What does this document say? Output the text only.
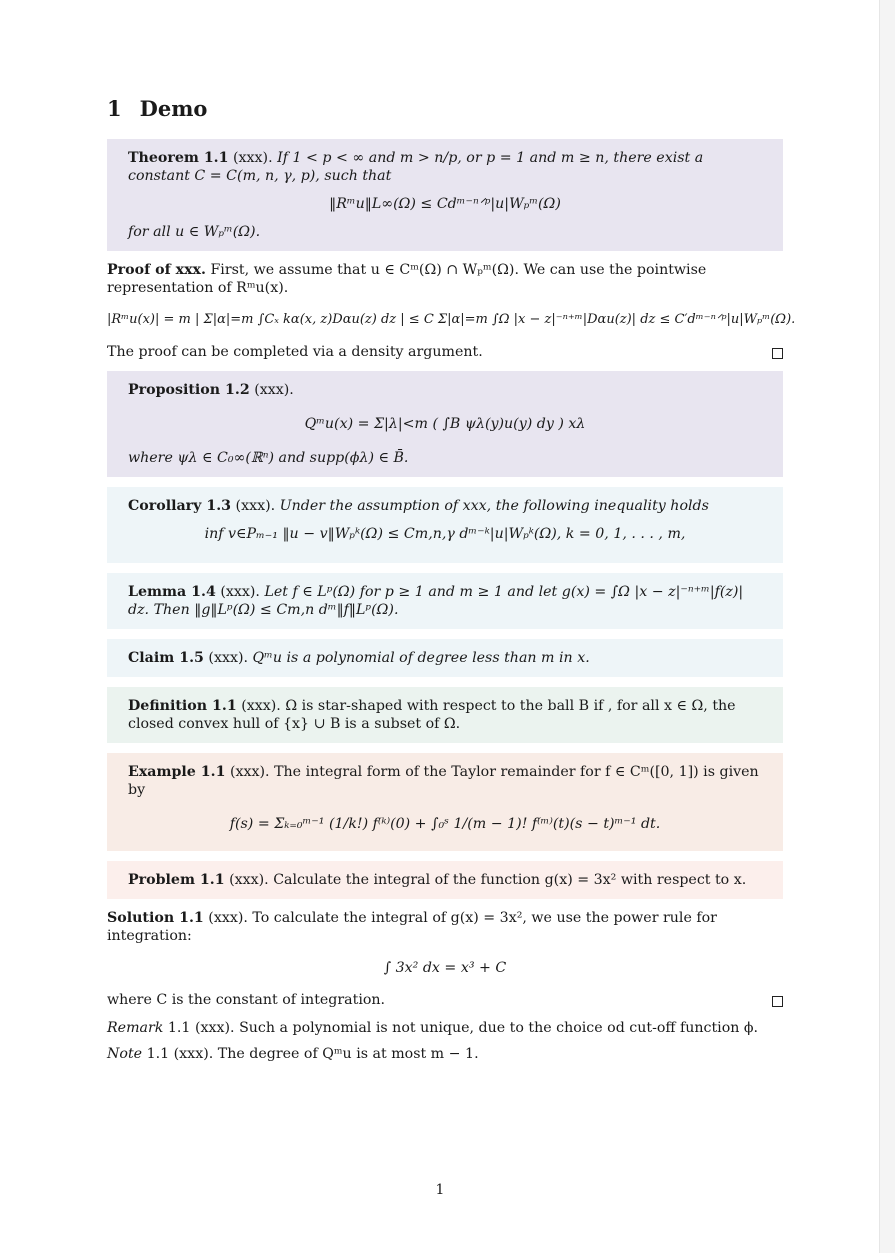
1 Demo
Theorem 1.1 (xxx). If 1 < p < ∞ and m > n/p, or p = 1 and m ≥ n, there exist a constant C = C(m, n, γ, p), such that
‖Rᵐu‖L∞(Ω) ≤ Cdᵐ⁻ⁿᐟᵖ|u|Wₚᵐ(Ω)
for all u ∈ Wₚᵐ(Ω).
Proof of xxx. First, we assume that u ∈ Cᵐ(Ω) ∩ Wₚᵐ(Ω). We can use the pointwise representation of Rᵐu(x).
|Rᵐu(x)| = m | Σ|α|=m ∫Cₓ kα(x, z)Dαu(z) dz | ≤ C Σ|α|=m ∫Ω |x − z|⁻ⁿ⁺ᵐ|Dαu(z)| dz ≤ C′dᵐ⁻ⁿᐟᵖ|u|Wₚᵐ(Ω).
The proof can be completed via a density argument.
Proposition 1.2 (xxx).
Qᵐu(x) = Σ|λ|<m ( ∫B ψλ(y)u(y) dy ) xλ
where ψλ ∈ C₀∞(ℝⁿ) and supp(ϕλ) ∈ B̄.
Corollary 1.3 (xxx). Under the assumption of xxx, the following inequality holds
inf v∈Pₘ₋₁ ‖u − v‖Wₚᵏ(Ω) ≤ Cm,n,γ dᵐ⁻ᵏ|u|Wₚᵏ(Ω), k = 0, 1, . . . , m,
Lemma 1.4 (xxx). Let f ∈ Lᵖ(Ω) for p ≥ 1 and m ≥ 1 and let g(x) = ∫Ω |x − z|⁻ⁿ⁺ᵐ|f(z)| dz. Then ‖g‖Lᵖ(Ω) ≤ Cm,n dᵐ‖f‖Lᵖ(Ω).
Claim 1.5 (xxx). Qᵐu is a polynomial of degree less than m in x.
Definition 1.1 (xxx). Ω is star-shaped with respect to the ball B if , for all x ∈ Ω, the closed convex hull of {x} ∪ B is a subset of Ω.
Example 1.1 (xxx). The integral form of the Taylor remainder for f ∈ Cᵐ([0, 1]) is given by
f(s) = Σₖ₌₀ᵐ⁻¹ (1/k!) f⁽ᵏ⁾(0) + ∫₀ˢ 1/(m − 1)! f⁽ᵐ⁾(t)(s − t)ᵐ⁻¹ dt.
Problem 1.1 (xxx). Calculate the integral of the function g(x) = 3x² with respect to x.
Solution 1.1 (xxx). To calculate the integral of g(x) = 3x², we use the power rule for integration:
∫ 3x² dx = x³ + C
where C is the constant of integration.
Remark 1.1 (xxx). Such a polynomial is not unique, due to the choice od cut-off function ϕ.
Note 1.1 (xxx). The degree of Qᵐu is at most m − 1.
1
